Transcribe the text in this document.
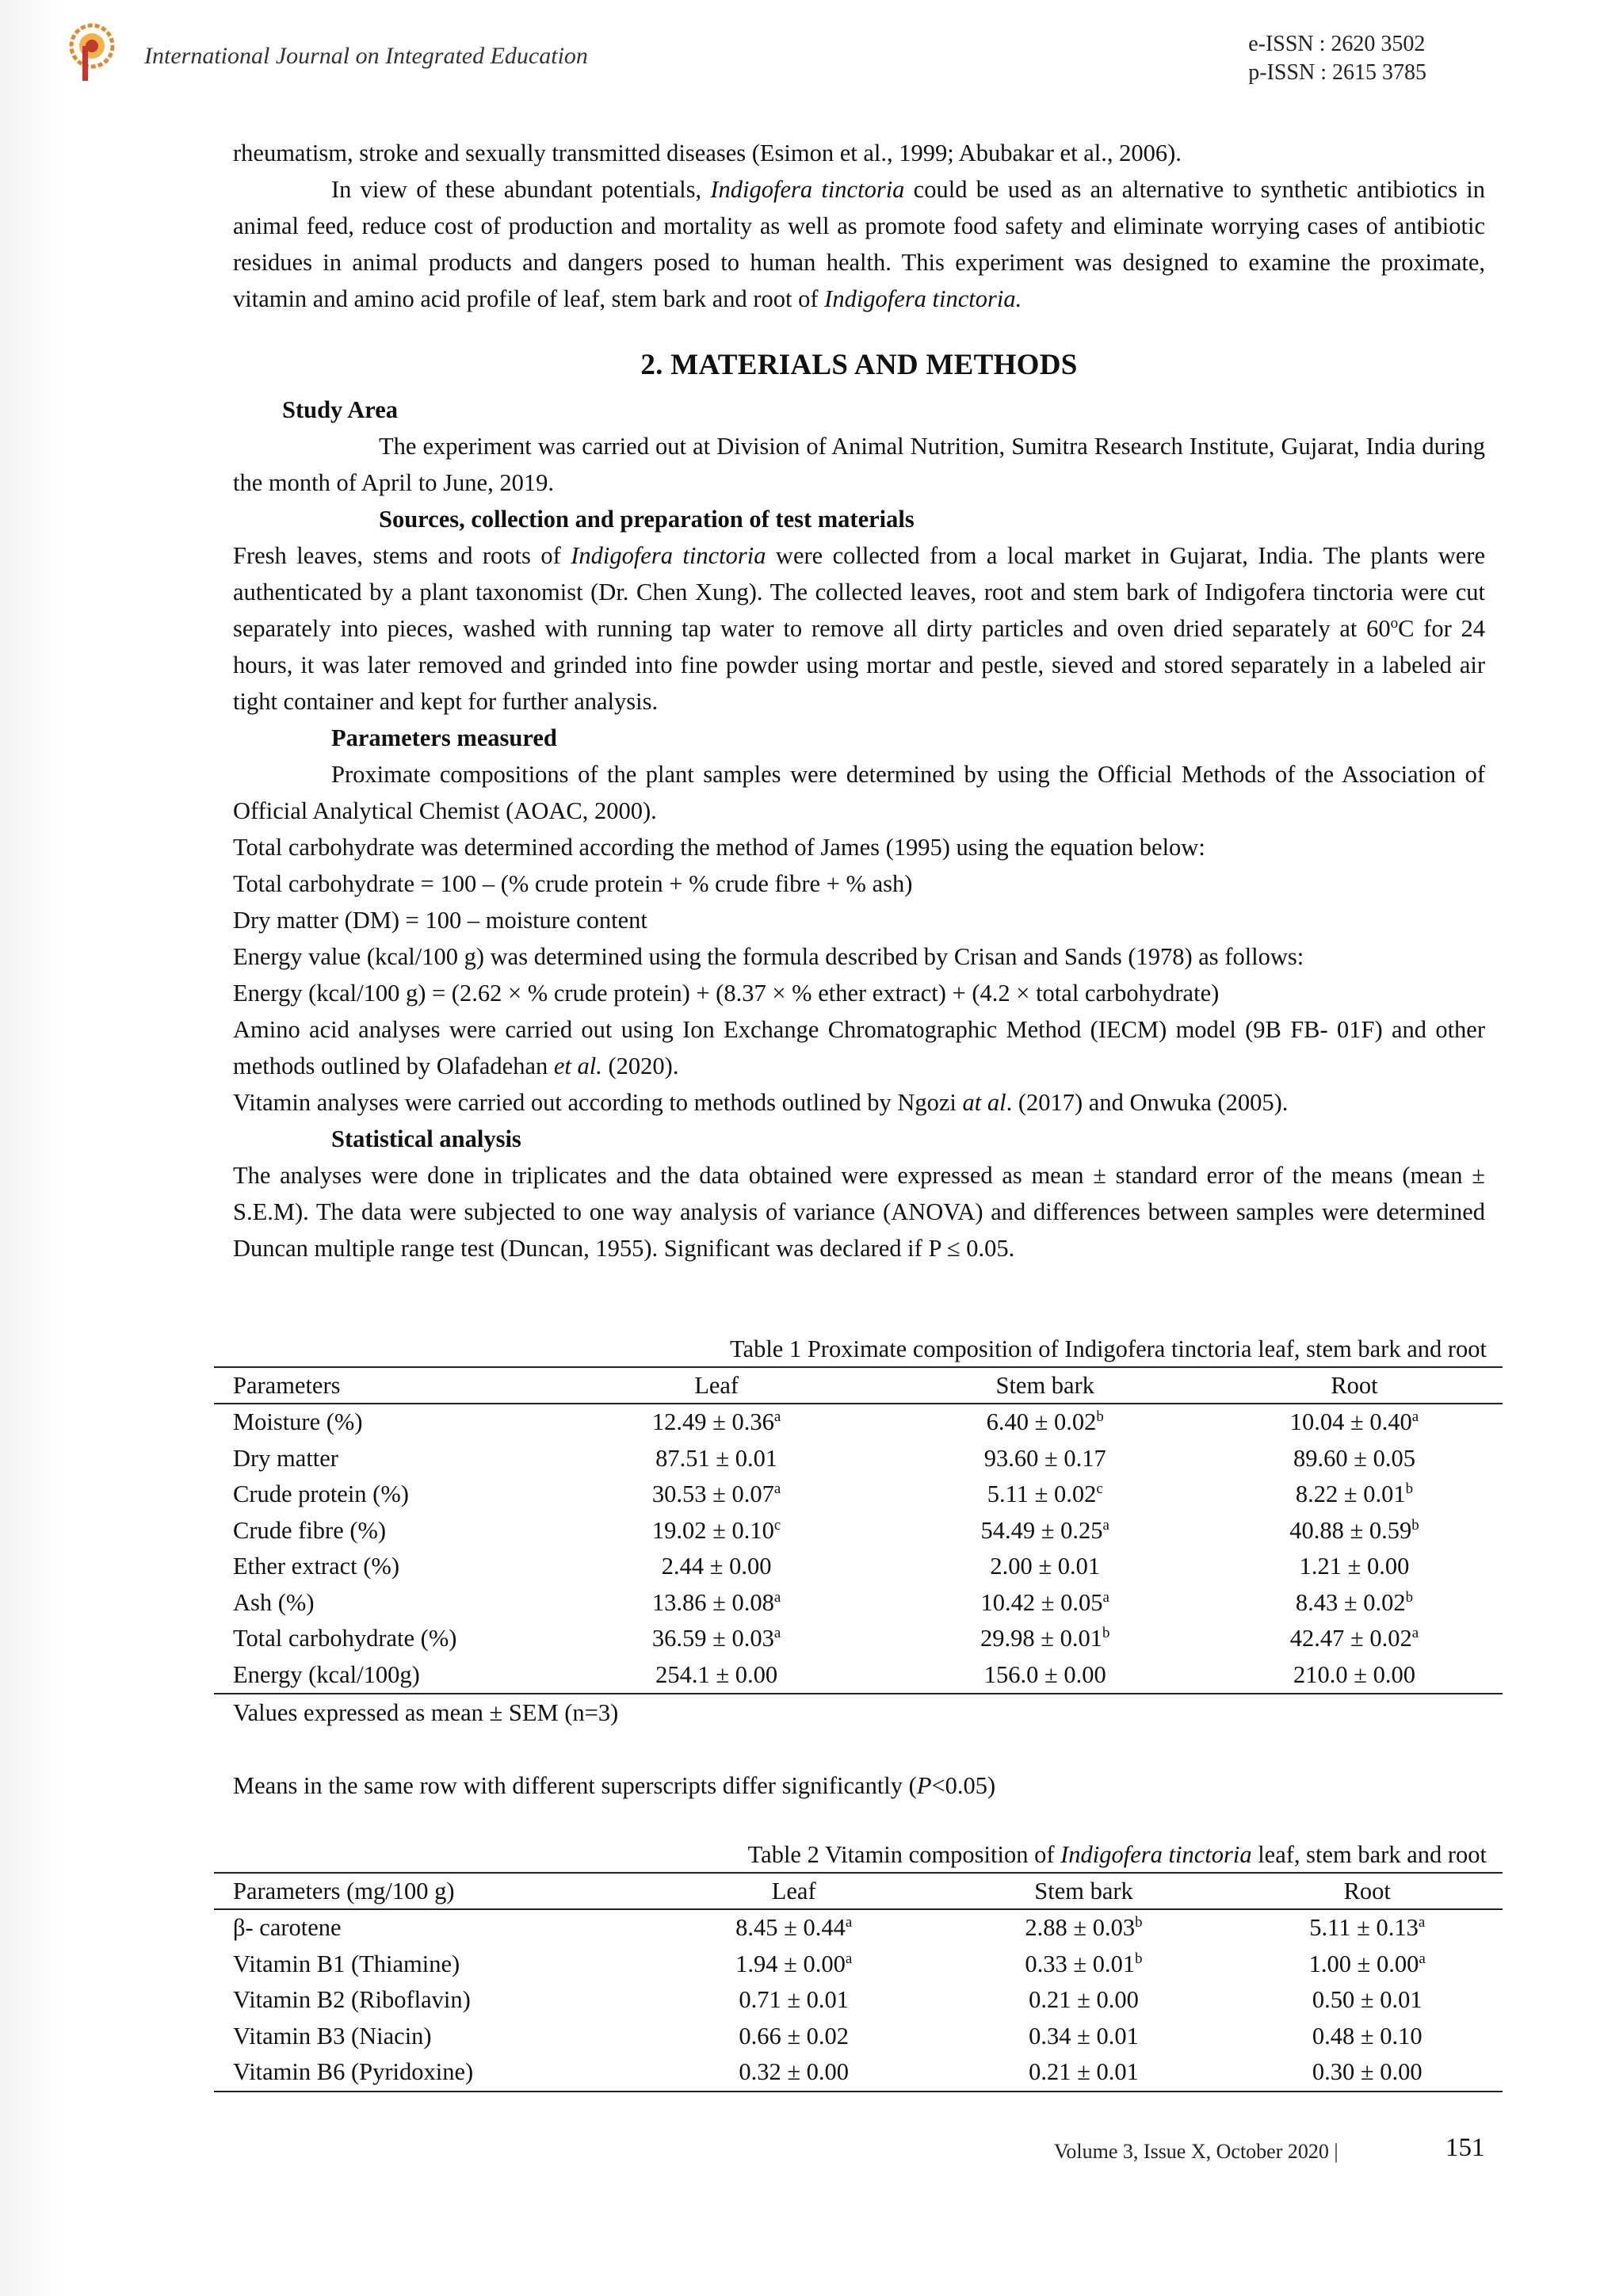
International Journal on Integrated Education	e-ISSN : 2620 3502
p-ISSN : 2615 3785

rheumatism, stroke and sexually transmitted diseases (Esimon et al., 1999; Abubakar et al., 2006).

In view of these abundant potentials, Indigofera tinctoria could be used as an alternative to synthetic antibiotics in animal feed, reduce cost of production and mortality as well as promote food safety and eliminate worrying cases of antibiotic residues in animal products and dangers posed to human health. This experiment was designed to examine the proximate, vitamin and amino acid profile of leaf, stem bark and root of Indigofera tinctoria.

2. MATERIALS AND METHODS
Study Area

The experiment was carried out at Division of Animal Nutrition, Sumitra Research Institute, Gujarat, India during the month of April to June, 2019.

Sources, collection and preparation of test materials

Fresh leaves, stems and roots of Indigofera tinctoria were collected from a local market in Gujarat, India. The plants were authenticated by a plant taxonomist (Dr. Chen Xung). The collected leaves, root and stem bark of Indigofera tinctoria were cut separately into pieces, washed with running tap water to remove all dirty particles and oven dried separately at 60$^o$C for 24 hours, it was later removed and grinded into fine powder using mortar and pestle, sieved and stored separately in a labeled air tight container and kept for further analysis.

Parameters measured

Proximate compositions of the plant samples were determined by using the Official Methods of the Association of Official Analytical Chemist (AOAC, 2000).

Total carbohydrate was determined according the method of James (1995) using the equation below:

Total carbohydrate = 100 – (% crude protein + % crude fibre + % ash)

Dry matter (DM) = 100 – moisture content

Energy value (kcal/100 g) was determined using the formula described by Crisan and Sands (1978) as follows:

Energy (kcal/100 g) = (2.62 × % crude protein) + (8.37 × % ether extract) + (4.2 × total carbohydrate)

Amino acid analyses were carried out using Ion Exchange Chromatographic Method (IECM) model (9B FB- 01F) and other methods outlined by Olafadehan et al. (2020).

Vitamin analyses were carried out according to methods outlined by Ngozi at al. (2017) and Onwuka (2005).

Statistical analysis

The analyses were done in triplicates and the data obtained were expressed as mean ± standard error of the means (mean ± S.E.M). The data were subjected to one way analysis of variance (ANOVA) and differences between samples were determined Duncan multiple range test (Duncan, 1955). Significant was declared if P ≤ 0.05.

Table 1 Proximate composition of Indigofera tinctoria leaf, stem bark and root
Parameters	Leaf	Stem bark	Root
Moisture (%)	12.49 ± 0.36$^a$	6.40 ± 0.02$^b$	10.04 ± 0.40$^a$
Dry matter	87.51 ± 0.01	93.60 ± 0.17	89.60 ± 0.05
Crude protein (%)	30.53 ± 0.07$^a$	5.11 ± 0.02$^c$	8.22 ± 0.01$^b$
Crude fibre (%)	19.02 ± 0.10$^c$	54.49 ± 0.25$^a$	40.88 ± 0.59$^b$
Ether extract (%)	2.44 ± 0.00	2.00 ± 0.01	1.21 ± 0.00
Ash (%)	13.86 ± 0.08$^a$	10.42 ± 0.05$^a$	8.43 ± 0.02$^b$
Total carbohydrate (%)	36.59 ± 0.03$^a$	29.98 ± 0.01$^b$	42.47 ± 0.02$^a$
Energy (kcal/100g)	254.1 ± 0.00	156.0 ± 0.00	210.0 ± 0.00
Values expressed as mean ± SEM (n=3)
Means in the same row with different superscripts differ significantly (P<0.05)
Table 2 Vitamin composition of Indigofera tinctoria leaf, stem bark and root
Parameters (mg/100 g)	Leaf	Stem bark	Root
β- carotene	8.45 ± 0.44$^a$	2.88 ± 0.03$^b$	5.11 ± 0.13$^a$
Vitamin B1 (Thiamine)	1.94 ± 0.00$^a$	0.33 ± 0.01$^b$	1.00 ± 0.00$^a$
Vitamin B2 (Riboflavin)	0.71 ± 0.01	0.21 ± 0.00	0.50 ± 0.01
Vitamin B3 (Niacin)	0.66 ± 0.02	0.34 ± 0.01	0.48 ± 0.10
Vitamin B6 (Pyridoxine)	0.32 ± 0.00	0.21 ± 0.01	0.30 ± 0.00
Volume 3, Issue X, October 2020 |	151
